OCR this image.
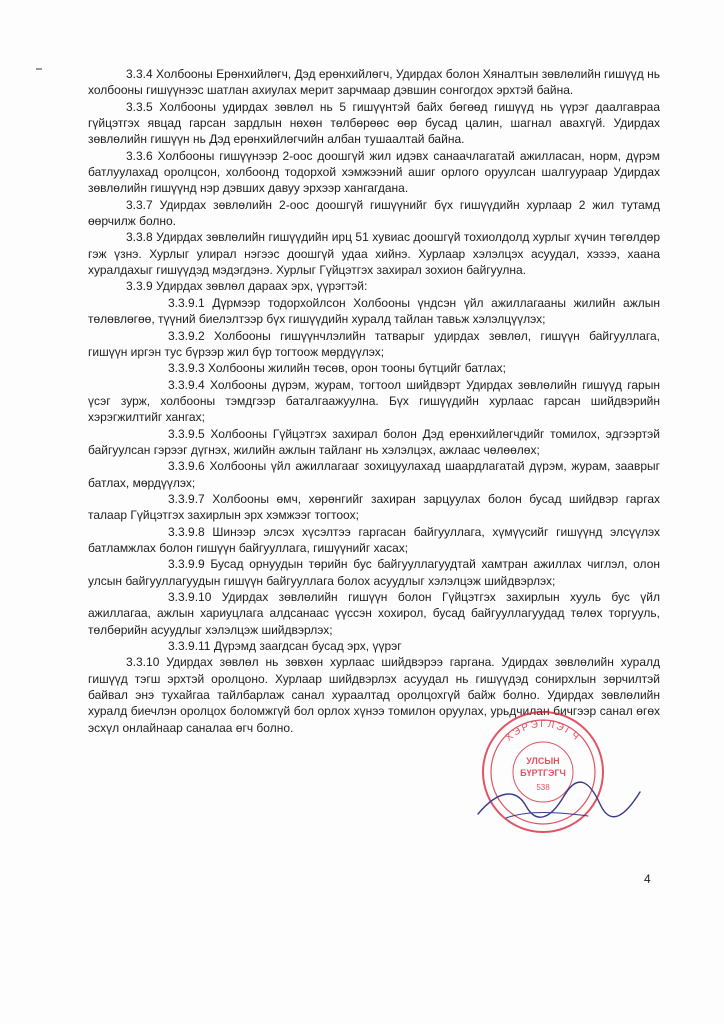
3.3.4 Холбооны Ерөнхийлөгч, Дэд ерөнхийлөгч, Удирдах болон Хяналтын зөвлөлийн гишүүд нь холбооны гишүүнээс шатлан ахиулах мерит зарчмаар дэвшин сонгогдох эрхтэй байна.

3.3.5 Холбооны удирдах зөвлөл нь 5 гишүүнтэй байх бөгөөд гишүүд нь үүрэг даалгавраа гүйцэтгэх явцад гарсан зардлын нөхөн төлбөрөөс өөр бусад цалин, шагнал авахгүй. Удирдах зөвлөлийн гишүүн нь Дэд ерөнхийлөгчийн албан тушаалтай байна.

3.3.6 Холбооны гишүүнээр 2-оос доошгүй жил идэвх санаачлагатай ажилласан, норм, дүрэм батлуулахад оролцсон, холбоонд тодорхой хэмжээний ашиг орлого оруулсан шалгуураар Удирдах зөвлөлийн гишүүнд нэр дэвших давуу эрхээр хангагдана.

3.3.7 Удирдах зөвлөлийн 2-оос доошгүй гишүүнийг бүх гишүүдийн хурлаар 2 жил тутамд өөрчилж болно.

3.3.8 Удирдах зөвлөлийн гишүүдийн ирц 51 хувиас доошгүй тохиолдолд хурлыг хүчин төгөлдөр гэж үзнэ. Хурлыг улирал нэгээс доошгүй удаа хийнэ. Хурлаар хэлэлцэх асуудал, хэзээ, хаана хуралдахыг гишүүдэд мэдэгдэнэ. Хурлыг Гүйцэтгэх захирал зохион байгуулна.

3.3.9 Удирдах зөвлөл дараах эрх, үүрэгтэй:

3.3.9.1 Дүрмээр тодорхойлсон Холбооны үндсэн үйл ажиллагааны жилийн ажлын төлөвлөгөө, түүний биелэлтээр бүх гишүүдийн хуралд тайлан тавьж хэлэлцүүлэх;

3.3.9.2 Холбооны гишүүнчлэлийн татварыг удирдах зөвлөл, гишүүн байгууллага, гишүүн иргэн тус бүрээр жил бүр тогтоож мөрдүүлэх;

3.3.9.3 Холбооны жилийн төсөв, орон тооны бүтцийг батлах;

3.3.9.4 Холбооны дүрэм, журам, тогтоол шийдвэрт Удирдах зөвлөлийн гишүүд гарын үсэг зурж, холбооны тэмдгээр баталгаажуулна. Бүх гишүүдийн хурлаас гарсан шийдвэрийн хэрэгжилтийг хангах;

3.3.9.5 Холбооны Гүйцэтгэх захирал болон Дэд ерөнхийлөгчдийг томилох, эдгээртэй байгуулсан гэрээг дүгнэх, жилийн ажлын тайланг нь хэлэлцэх, ажлаас чөлөөлөх;

3.3.9.6 Холбооны үйл ажиллагааг зохицуулахад шаардлагатай дүрэм, журам, зааврыг батлах, мөрдүүлэх;

3.3.9.7 Холбооны өмч, хөрөнгийг захиран зарцуулах болон бусад шийдвэр гаргах талаар Гүйцэтгэх захирлын эрх хэмжээг тогтоох;

3.3.9.8 Шинээр элсэх хүсэлтээ гаргасан байгууллага, хүмүүсийг гишүүнд элсүүлэх батламжлах болон гишүүн байгууллага, гишүүнийг хасах;

3.3.9.9 Бусад орнуудын төрийн бус байгууллагуудтай хамтран ажиллах чиглэл, олон улсын байгууллагуудын гишүүн байгууллага болох асуудлыг хэлэлцэж шийдвэрлэх;

3.3.9.10 Удирдах зөвлөлийн гишүүн болон Гүйцэтгэх захирлын хууль бус үйл ажиллагаа, ажлын хариуцлага алдсанаас үүссэн хохирол, бусад байгууллагуудад төлөх торгууль, төлбөрийн асуудлыг хэлэлцэж шийдвэрлэх;

3.3.9.11 Дүрэмд заагдсан бусад эрх, үүрэг

3.3.10 Удирдах зөвлөл нь зөвхөн хурлаас шийдвэрээ гаргана. Удирдах зөвлөлийн хуралд гишүүд тэгш эрхтэй оролцоно. Хурлаар шийдвэрлэх асуудал нь гишүүдэд сонирхлын зөрчилтэй байвал энэ тухайгаа тайлбарлаж санал хураалтад оролцохгүй байж болно. Удирдах зөвлөлийн хуралд биечлэн оролцох боломжгүй бол орлох хүнээ томилон оруулах, урьдчилан бичгээр санал өгөх эсхүл онлайнаар саналаа өгч болно.

ХЭРЭГЛЭГЧ
УЛСЫН
БҮРТГЭГЧ
538
4
